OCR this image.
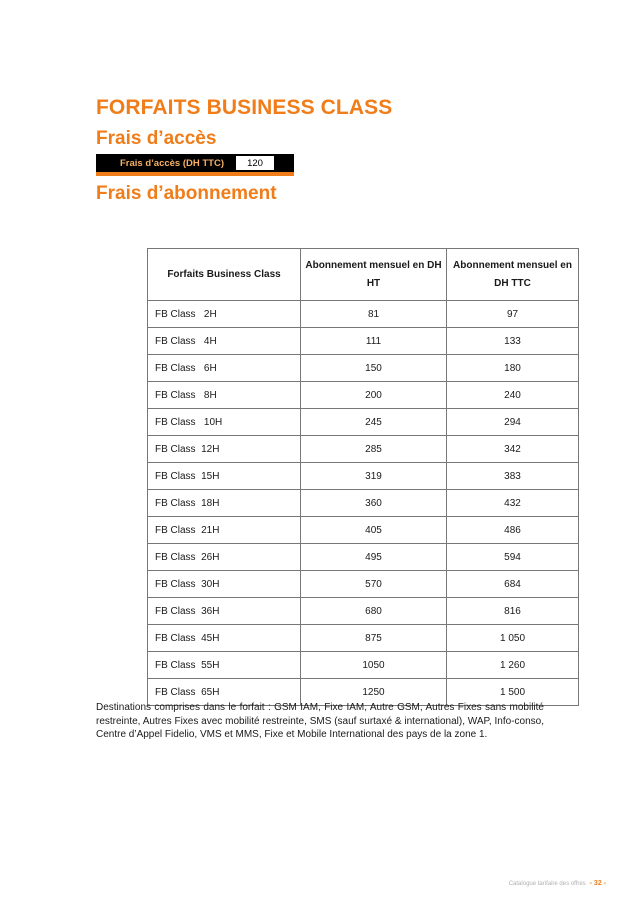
FORFAITS BUSINESS CLASS
Frais d’accès
Frais d’accès (DH TTC)	120
Frais d’abonnement
Forfaits Business Class	Abonnement mensuel en DH HT	Abonnement mensuel en DH TTC
FB Class   2H	81	97
FB Class   4H	111	133
FB Class   6H	150	180
FB Class   8H	200	240
FB Class   10H	245	294
FB Class  12H	285	342
FB Class  15H	319	383
FB Class  18H	360	432
FB Class  21H	405	486
FB Class  26H	495	594
FB Class  30H	570	684
FB Class  36H	680	816
FB Class  45H	875	1 050
FB Class  55H	1050	1 260
FB Class  65H	1250	1 500

Destinations comprises dans le forfait : GSM IAM, Fixe IAM, Autre GSM, Autres Fixes sans mobilité restreinte, Autres Fixes avec mobilité restreinte, SMS (sauf surtaxé & international), WAP, Info-conso, Centre d’Appel Fidelio, VMS et MMS, Fixe et Mobile International des pays de la zone 1.

Catalogue tarifaire des offres - 32 -
